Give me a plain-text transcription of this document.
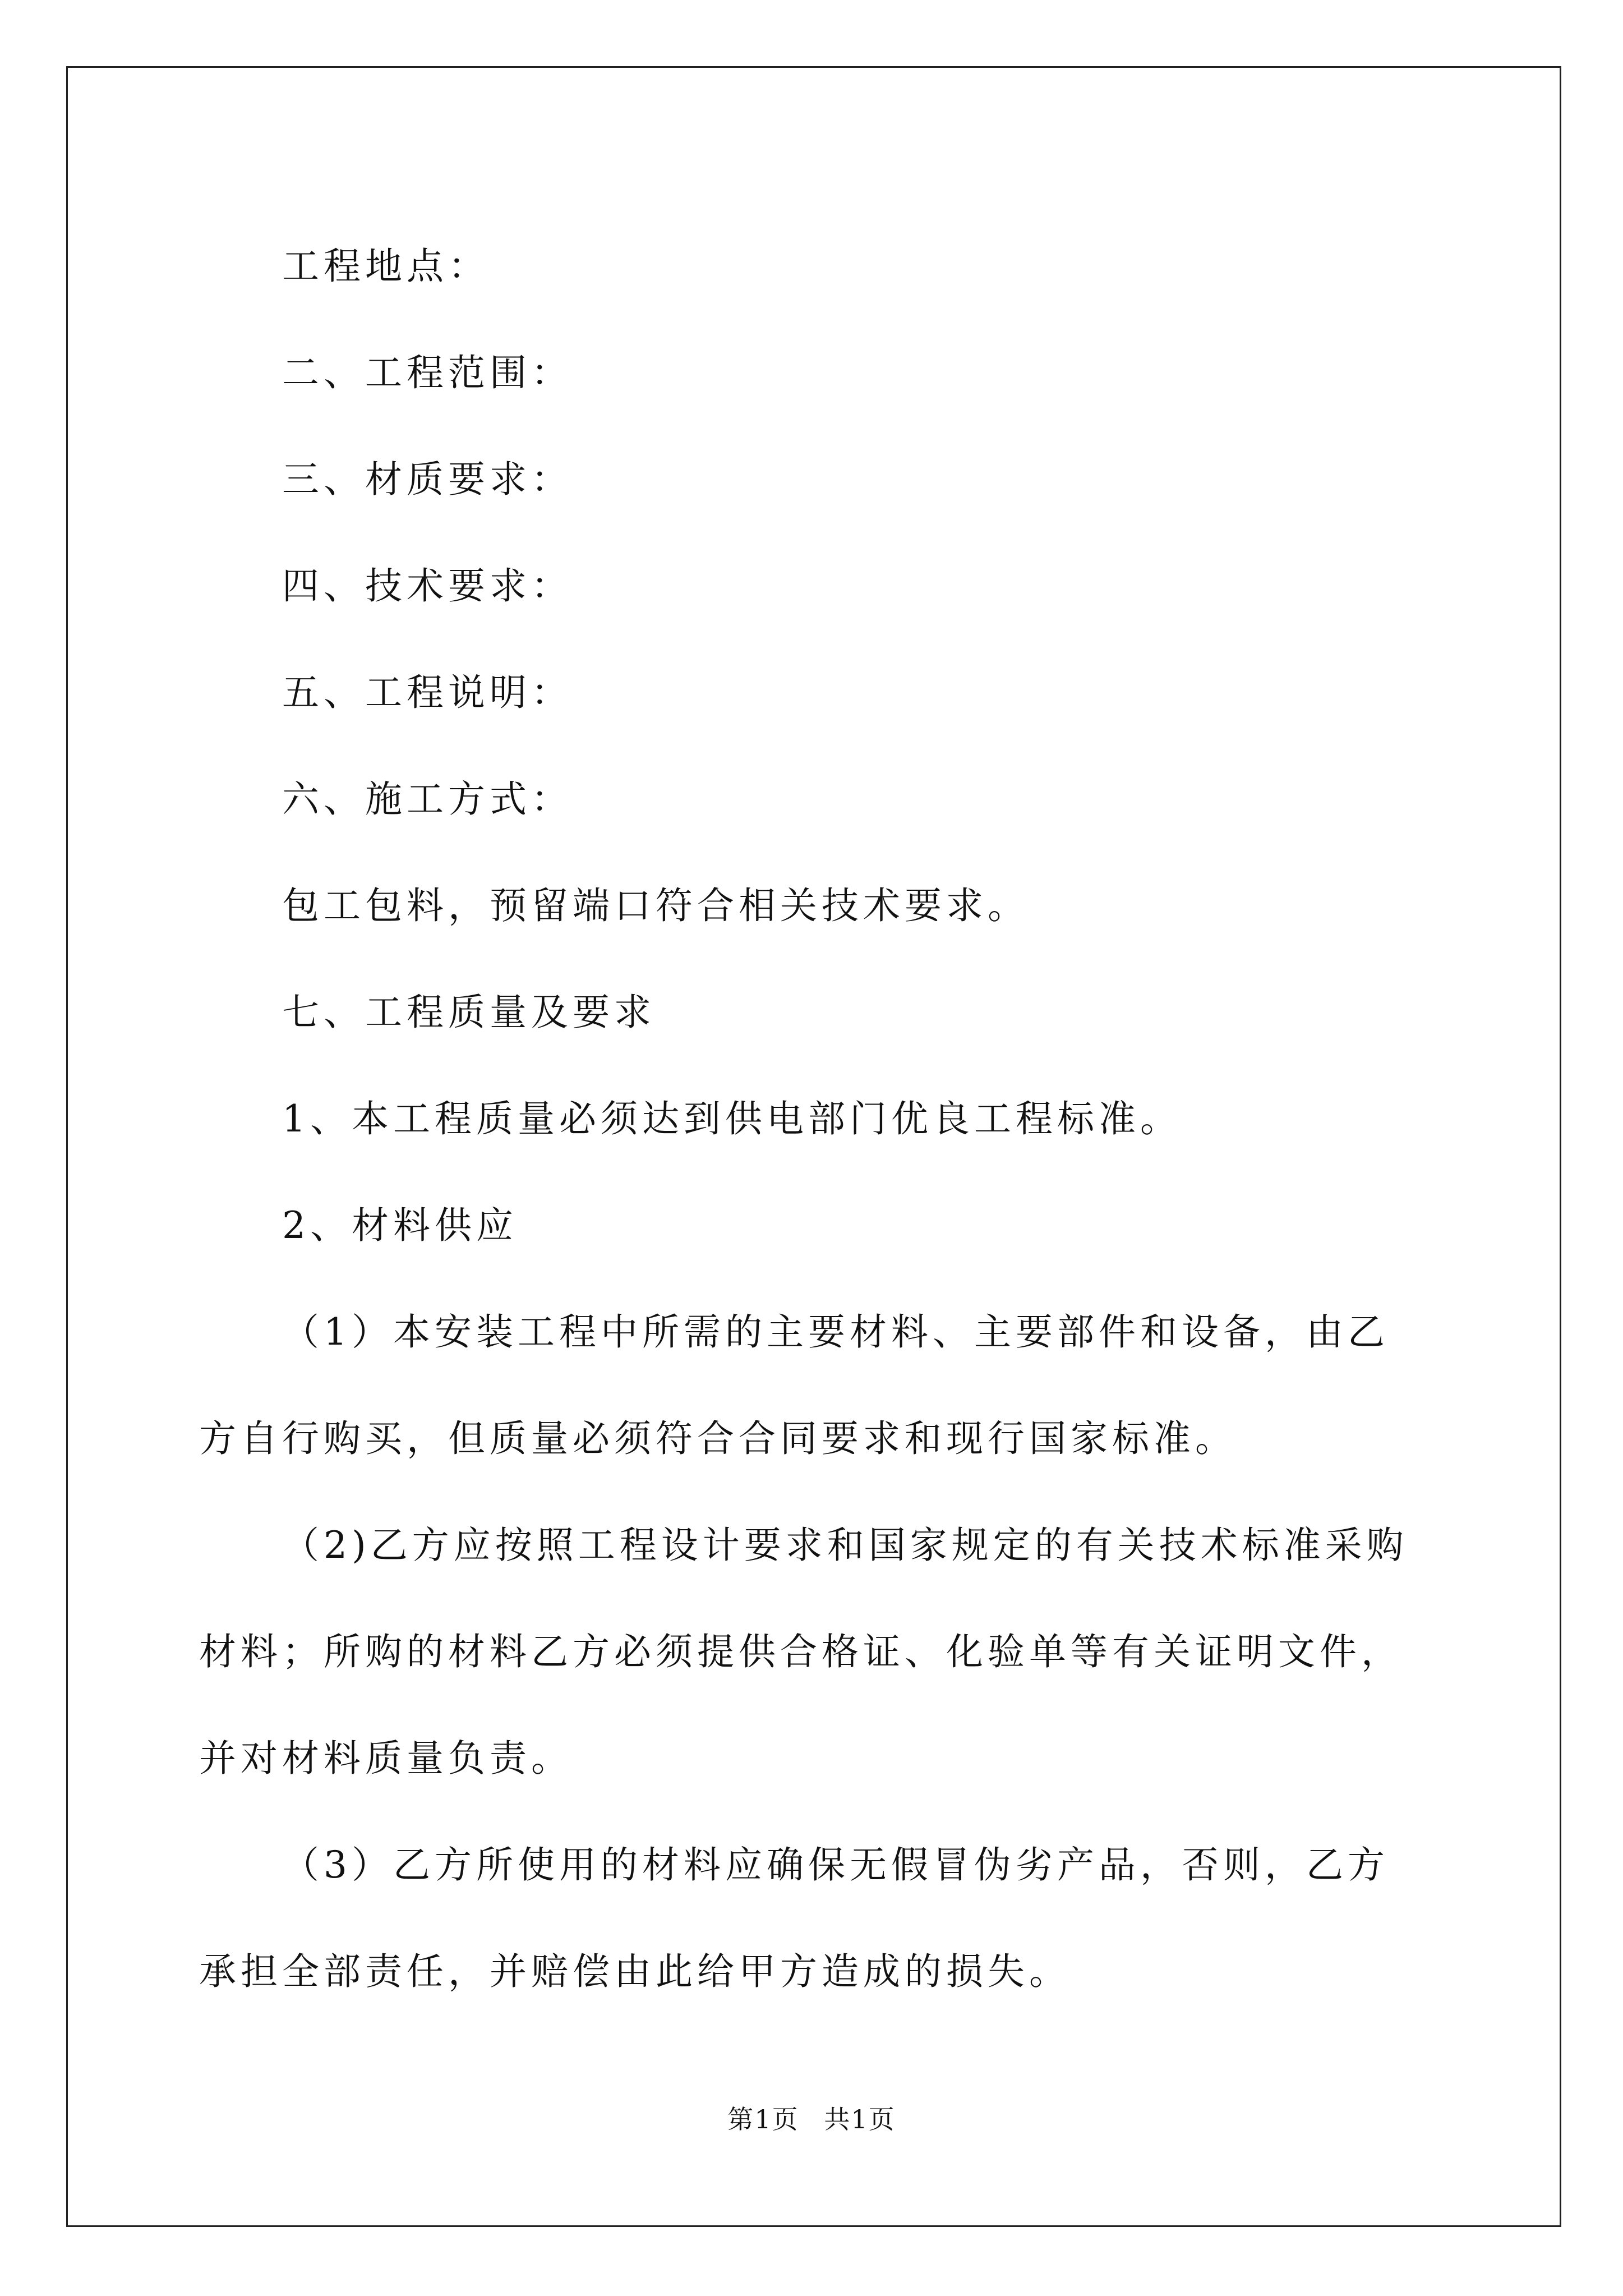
工程地点：

二、工程范围：

三、材质要求：

四、技术要求：

五、工程说明：

六、施工方式：

包工包料，预留端口符合相关技术要求。

七、工程质量及要求

1、本工程质量必须达到供电部门优良工程标准。

2、材料供应

（1）本安装工程中所需的主要材料、主要部件和设备，由乙方自行购买，但质量必须符合合同要求和现行国家标准。

（2)乙方应按照工程设计要求和国家规定的有关技术标准采购材料；所购的材料乙方必须提供合格证、化验单等有关证明文件，并对材料质量负责。

（3）乙方所使用的材料应确保无假冒伪劣产品，否则，乙方承担全部责任，并赔偿由此给甲方造成的损失。

第1页 共1页
